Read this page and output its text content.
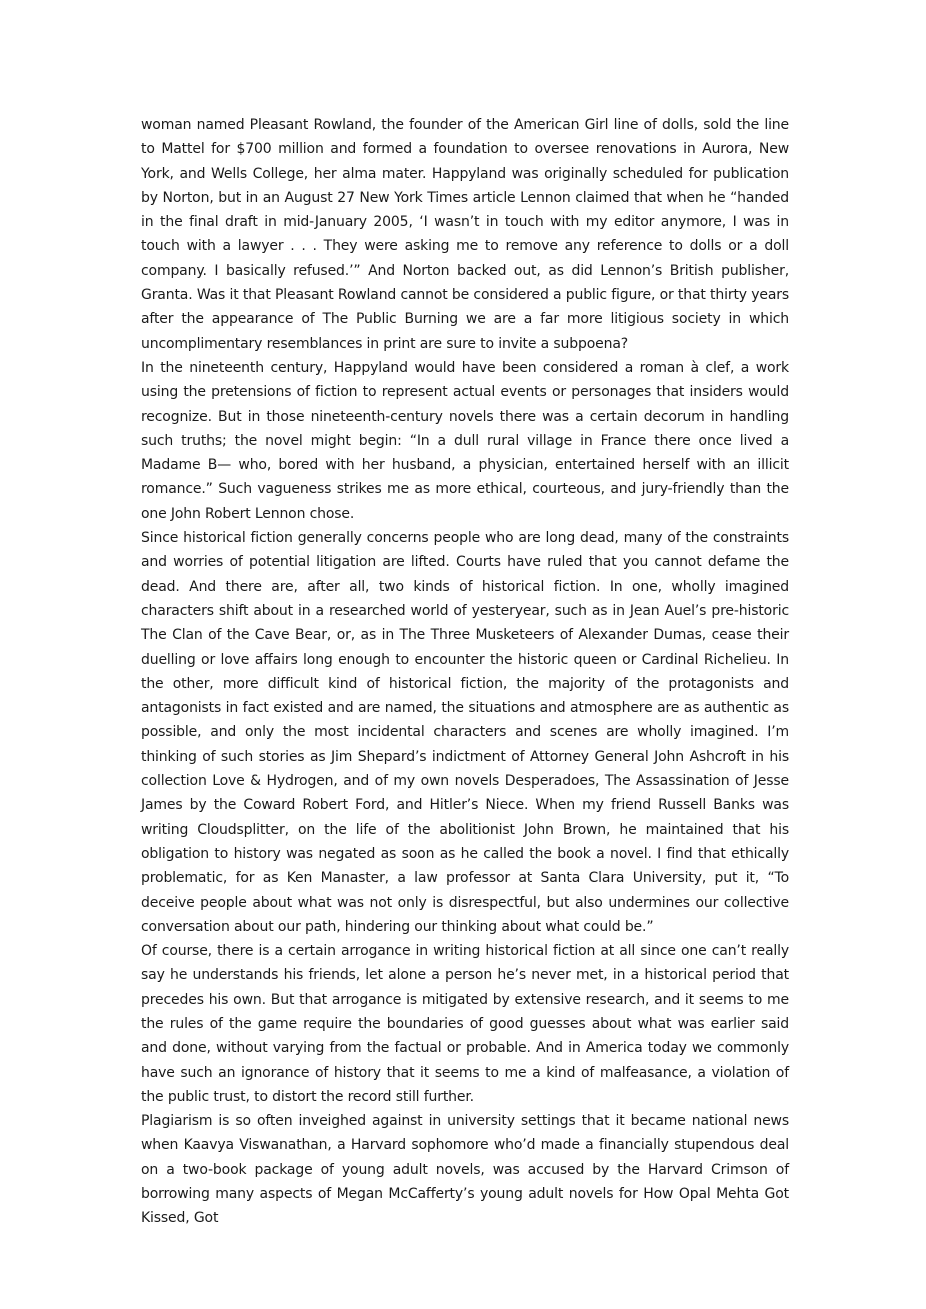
woman named Pleasant Rowland, the founder of the American Girl line of dolls, sold the line to Mattel for $700 million and formed a foundation to oversee renovations in Aurora, New York, and Wells College, her alma mater. Happyland was originally scheduled for publication by Norton, but in an August 27 New York Times article Lennon claimed that when he “handed in the final draft in mid-January 2005, ‘I wasn’t in touch with my editor anymore, I was in touch with a lawyer . . . They were asking me to remove any reference to dolls or a doll company. I basically refused.’” And Norton backed out, as did Lennon’s British publisher, Granta. Was it that Pleasant Rowland cannot be considered a public figure, or that thirty years after the appearance of The Public Burning we are a far more litigious society in which uncomplimentary resemblances in print are sure to invite a subpoena?

In the nineteenth century, Happyland would have been considered a roman à clef, a work using the pretensions of fiction to represent actual events or personages that insiders would recognize. But in those nineteenth-century novels there was a certain decorum in handling such truths; the novel might begin: “In a dull rural village in France there once lived a Madame B— who, bored with her husband, a physician, entertained herself with an illicit romance.” Such vagueness strikes me as more ethical, courteous, and jury-friendly than the one John Robert Lennon chose.

Since historical fiction generally concerns people who are long dead, many of the constraints and worries of potential litigation are lifted. Courts have ruled that you cannot defame the dead. And there are, after all, two kinds of historical fiction. In one, wholly imagined characters shift about in a researched world of yesteryear, such as in Jean Auel’s pre-historic The Clan of the Cave Bear, or, as in The Three Musketeers of Alexander Dumas, cease their duelling or love affairs long enough to encounter the historic queen or Cardinal Richelieu. In the other, more difficult kind of historical fiction, the majority of the protagonists and antagonists in fact existed and are named, the situations and atmosphere are as authentic as possible, and only the most incidental characters and scenes are wholly imagined. I’m thinking of such stories as Jim Shepard’s indictment of Attorney General John Ashcroft in his collection Love & Hydrogen, and of my own novels Desperadoes, The Assassination of Jesse James by the Coward Robert Ford, and Hitler’s Niece. When my friend Russell Banks was writing Cloudsplitter, on the life of the abolitionist John Brown, he maintained that his obligation to history was negated as soon as he called the book a novel. I find that ethically problematic, for as Ken Manaster, a law professor at Santa Clara University, put it, “To deceive people about what was not only is disrespectful, but also undermines our collective conversation about our path, hindering our thinking about what could be.”

Of course, there is a certain arrogance in writing historical fiction at all since one can’t really say he understands his friends, let alone a person he’s never met, in a historical period that precedes his own. But that arrogance is mitigated by extensive research, and it seems to me the rules of the game require the boundaries of good guesses about what was earlier said and done, without varying from the factual or probable. And in America today we commonly have such an ignorance of history that it seems to me a kind of malfeasance, a violation of the public trust, to distort the record still further.

Plagiarism is so often inveighed against in university settings that it became national news when Kaavya Viswanathan, a Harvard sophomore who’d made a financially stupendous deal on a two-book package of young adult novels, was accused by the Harvard Crimson of borrowing many aspects of Megan McCafferty’s young adult novels for How Opal Mehta Got Kissed, Got
